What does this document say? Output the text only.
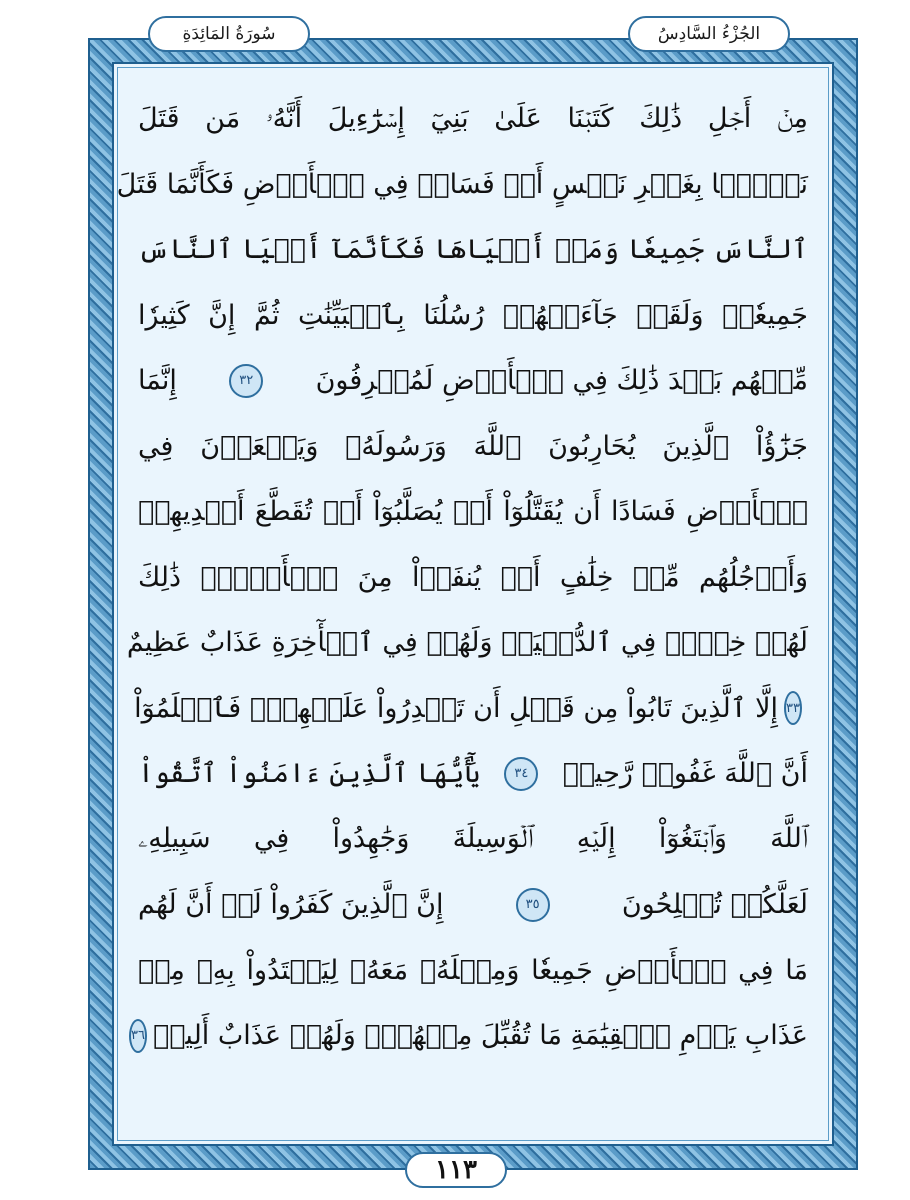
سُورَةُ المَائِدَةِ	الجُزْءُ السَّادِسُ
مِنۡ أَجۡلِ ذَٰلِكَ كَتَبۡنَا عَلَىٰ بَنِيٓ إِسۡرَٰٓءِيلَ أَنَّهُۥ مَن قَتَلَ
نَفۡسَۢا بِغَيۡرِ نَفۡسٍ أَوۡ فَسَادٖ فِي ٱلۡأَرۡضِ فَكَأَنَّمَا قَتَلَ
ٱلنَّاسَ جَمِيعٗا وَمَنۡ أَحۡيَاهَا فَكَأَنَّمَآ أَحۡيَا ٱلنَّاسَ
جَمِيعٗاۚ وَلَقَدۡ جَآءَتۡهُمۡ رُسُلُنَا بِٱلۡبَيِّنَٰتِ ثُمَّ إِنَّ كَثِيرٗا
مِّنۡهُم بَعۡدَ ذَٰلِكَ فِي ٱلۡأَرۡضِ لَمُسۡرِفُونَ
٣٢
إِنَّمَا
جَزَٰٓؤُاْ ٱلَّذِينَ يُحَارِبُونَ ٱللَّهَ وَرَسُولَهُۥ وَيَسۡعَوۡنَ فِي
ٱلۡأَرۡضِ فَسَادًا أَن يُقَتَّلُوٓاْ أَوۡ يُصَلَّبُوٓاْ أَوۡ تُقَطَّعَ أَيۡدِيهِمۡ
وَأَرۡجُلُهُم مِّنۡ خِلَٰفٍ أَوۡ يُنفَوۡاْ مِنَ ٱلۡأَرۡضِۚ ذَٰلِكَ
لَهُمۡ خِزۡيٞ فِي ٱلدُّنۡيَاۖ وَلَهُمۡ فِي ٱلۡأٓخِرَةِ عَذَابٌ عَظِيمٌ
٣٣
إِلَّا ٱلَّذِينَ تَابُواْ مِن قَبۡلِ أَن تَقۡدِرُواْ عَلَيۡهِمۡۖ فَٱعۡلَمُوٓاْ
أَنَّ ٱللَّهَ غَفُورٞ رَّحِيمٞ
٣٤
يَٰٓأَيُّهَا ٱلَّذِينَ ءَامَنُواْ ٱتَّقُواْ
ٱللَّهَ وَٱبۡتَغُوٓاْ إِلَيۡهِ ٱلۡوَسِيلَةَ وَجَٰهِدُواْ فِي سَبِيلِهِۦ
لَعَلَّكُمۡ تُفۡلِحُونَ
٣٥
إِنَّ ٱلَّذِينَ كَفَرُواْ لَوۡ أَنَّ لَهُم
مَا فِي ٱلۡأَرۡضِ جَمِيعٗا وَمِثۡلَهُۥ مَعَهُۥ لِيَفۡتَدُواْ بِهِۦ مِنۡ
عَذَابِ يَوۡمِ ٱلۡقِيَٰمَةِ مَا تُقُبِّلَ مِنۡهُمۡۖ وَلَهُمۡ عَذَابٌ أَلِيمٞ
٣٦
١١٣
